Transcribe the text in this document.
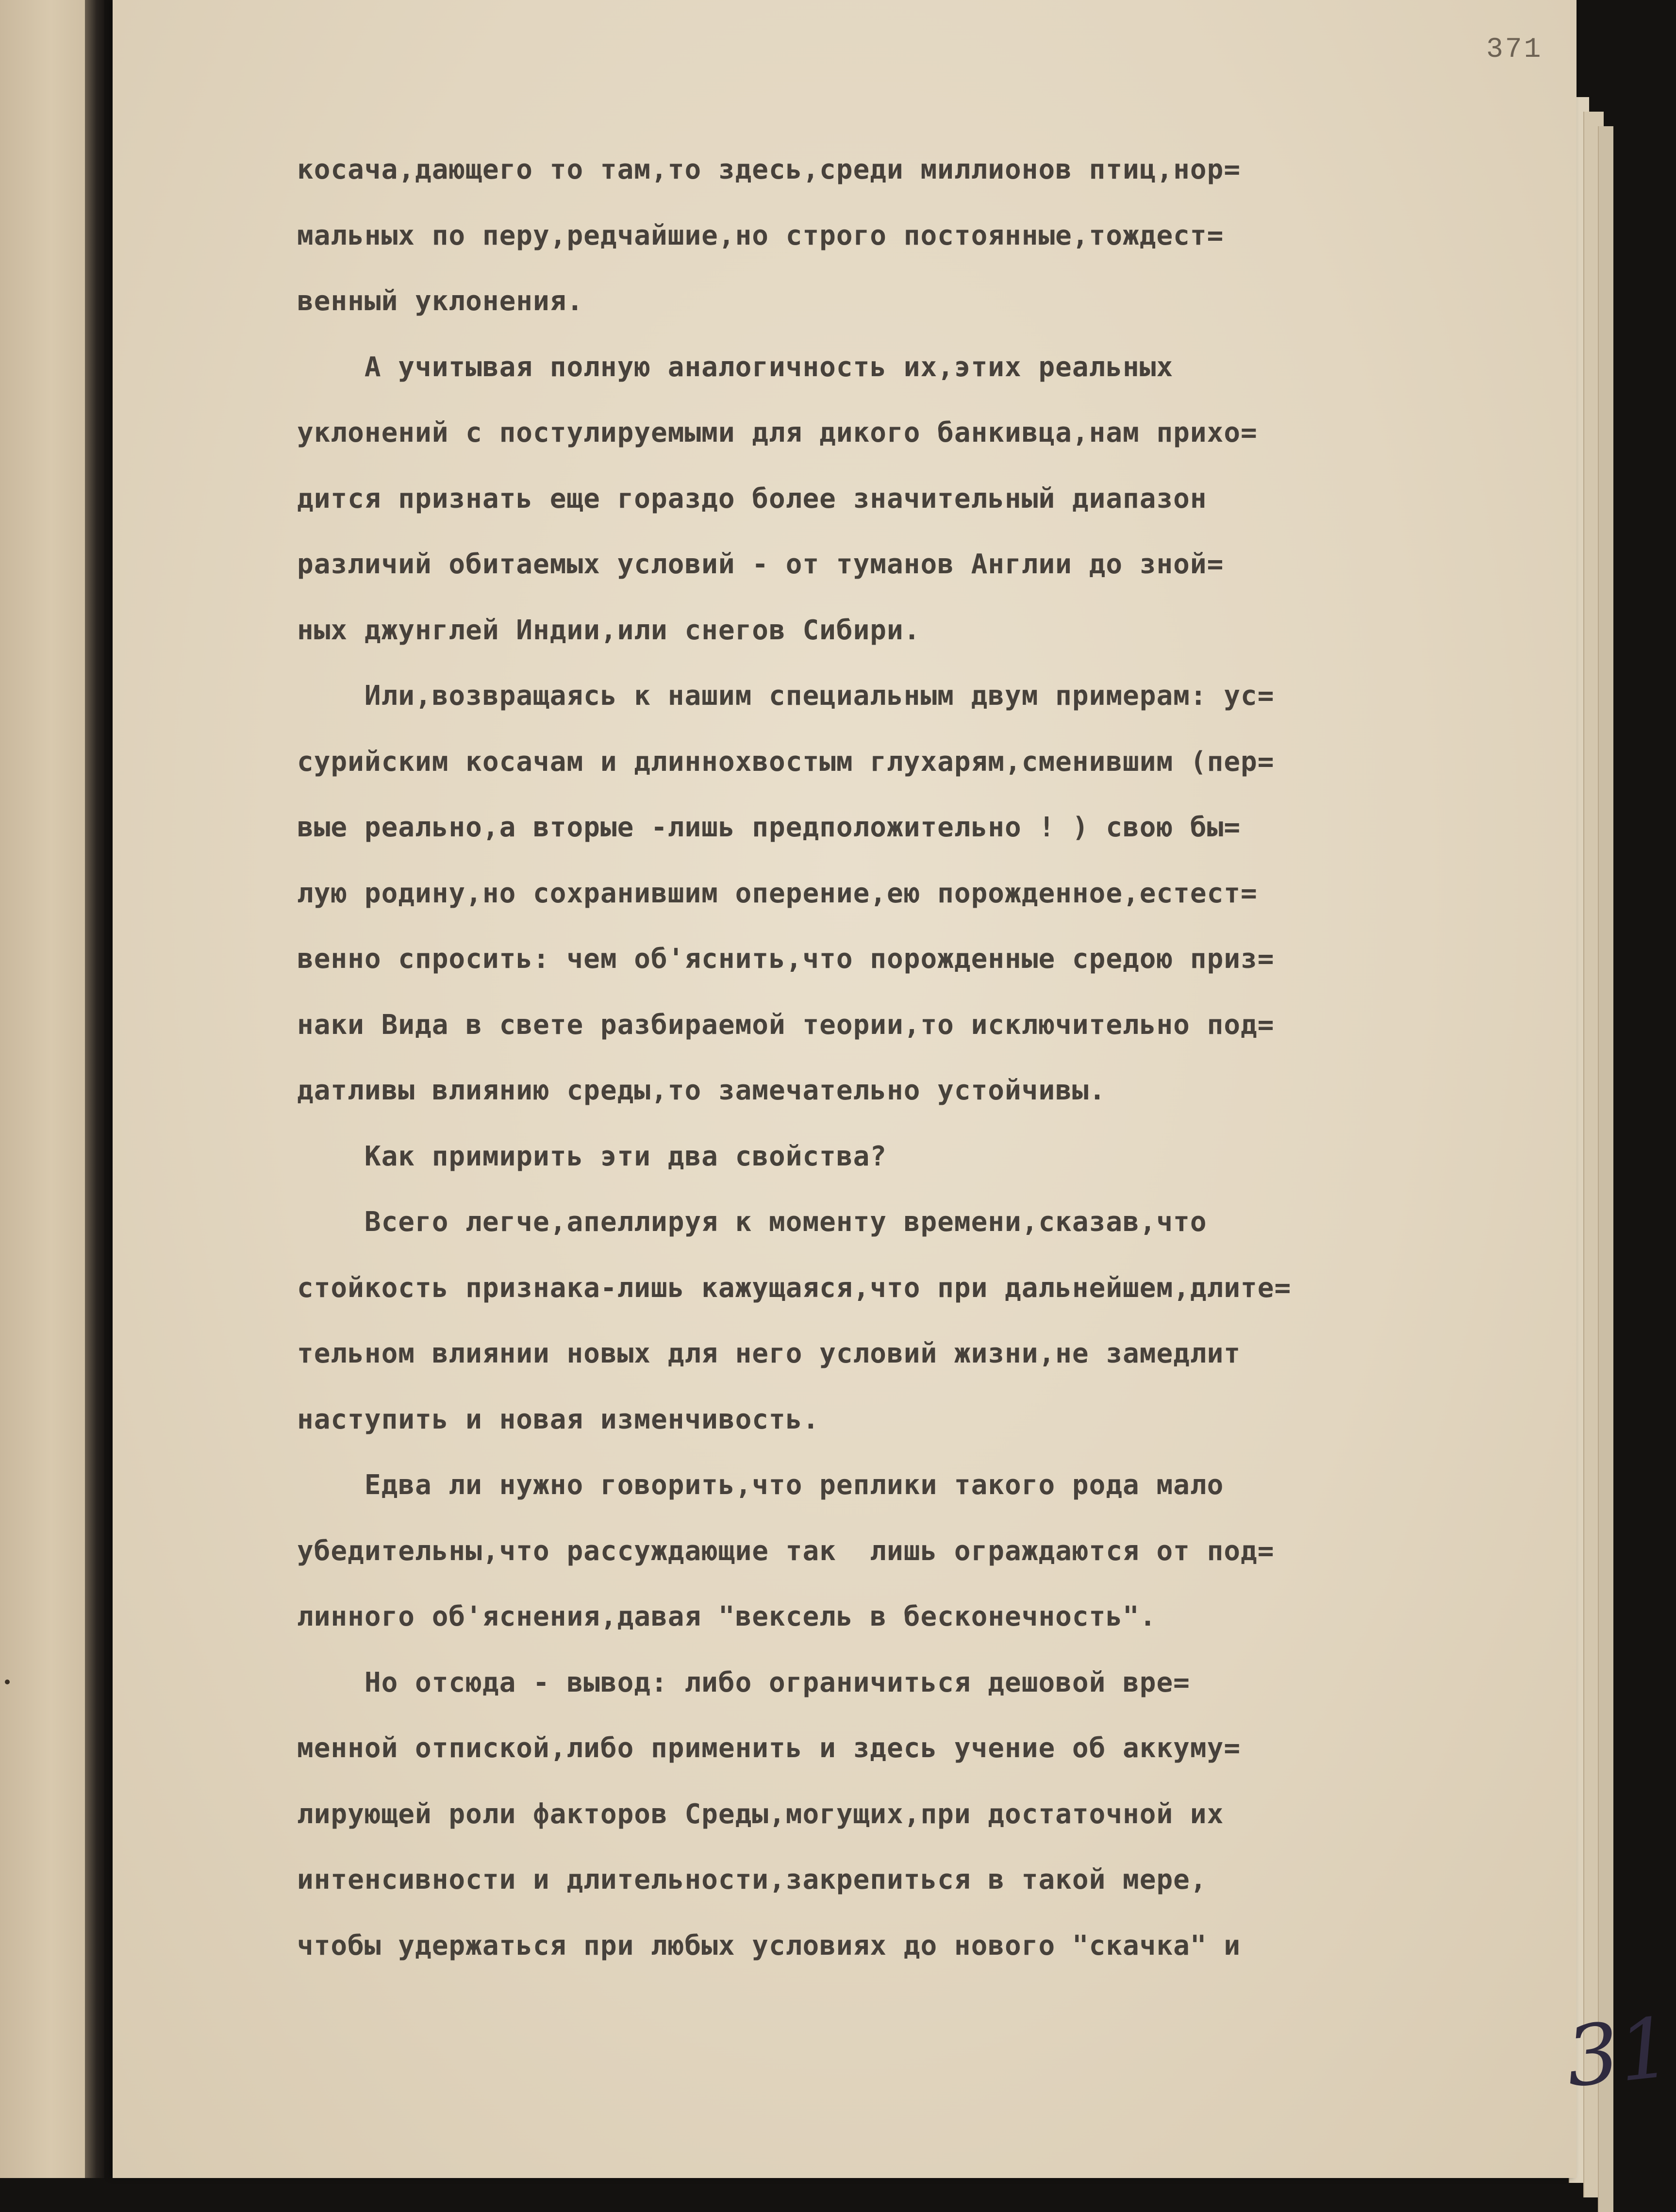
371
31
косача,дающего то там,то здесь,среди миллионов птиц,нор=
мальных по перу,редчайшие,но строго постоянные,тождест=
венный уклонения.
А учитывая полную аналогичность их,этих реальных
уклонений с постулируемыми для дикого банкивца,нам прихо=
дится признать еще гораздо более значительный диапазон
различий обитаемых условий - от туманов Англии до зной=
ных джунглей Индии,или снегов Сибири.
Или,возвращаясь к нашим специальным двум примерам: ус=
сурийским косачам и длиннохвостым глухарям,сменившим (пер=
вые реально,а вторые -лишь предположительно ! ) свою бы=
лую родину,но сохранившим оперение,ею порожденное,естест=
венно спросить: чем об'яснить,что порожденные средою приз=
наки Вида в свете разбираемой теории,то исключительно под=
датливы влиянию среды,то замечательно устойчивы.
Как примирить эти два свойства?
Всего легче,апеллируя к моменту времени,сказав,что
стойкость признака-лишь кажущаяся,что при дальнейшем,длите=
тельном влиянии новых для него условий жизни,не замедлит
наступить и новая изменчивость.
Едва ли нужно говорить,что реплики такого рода мало
убедительны,что рассуждающие так  лишь ограждаются от под=
линного об'яснения,давая "вексель в бесконечность".
Но отсюда - вывод: либо ограничиться дешовой вре=
менной отпиской,либо применить и здесь учение об аккуму=
лирующей роли факторов Среды,могущих,при достаточной их
интенсивности и длительности,закрепиться в такой мере,
чтобы удержаться при любых условиях до нового "скачка" и
